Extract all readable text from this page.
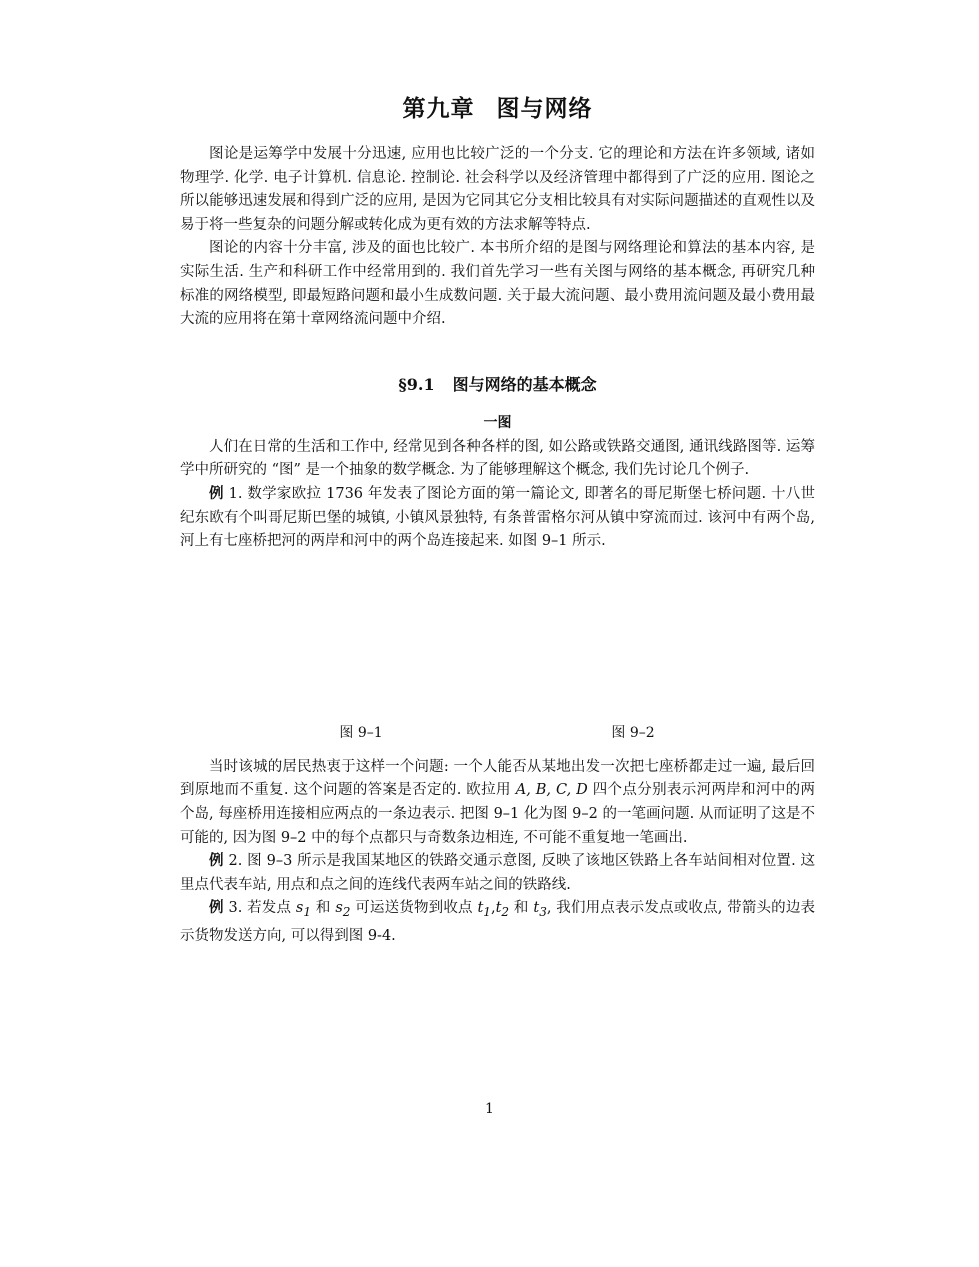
第九章 图与网络

图论是运筹学中发展十分迅速, 应用也比较广泛的一个分支. 它的理论和方法在许多领域, 诸如物理学. 化学. 电子计算机. 信息论. 控制论. 社会科学以及经济管理中都得到了广泛的应用. 图论之所以能够迅速发展和得到广泛的应用, 是因为它同其它分支相比较具有对实际问题描述的直观性以及易于将一些复杂的问题分解或转化成为更有效的方法求解等特点.

图论的内容十分丰富, 涉及的面也比较广. 本书所介绍的是图与网络理论和算法的基本内容, 是实际生活. 生产和科研工作中经常用到的. 我们首先学习一些有关图与网络的基本概念, 再研究几种标准的网络模型, 即最短路问题和最小生成数问题. 关于最大流问题、最小费用流问题及最小费用最大流的应用将在第十章网络流问题中介绍.

§9.1 图与网络的基本概念
一图

人们在日常的生活和工作中, 经常见到各种各样的图, 如公路或铁路交通图, 通讯线路图等. 运筹学中所研究的 “图” 是一个抽象的数学概念. 为了能够理解这个概念, 我们先讨论几个例子.

例 1. 数学家欧拉 1736 年发表了图论方面的第一篇论文, 即著名的哥尼斯堡七桥问题. 十八世纪东欧有个叫哥尼斯巴堡的城镇, 小镇风景独特, 有条普雷格尔河从镇中穿流而过. 该河中有两个岛, 河上有七座桥把河的两岸和河中的两个岛连接起来. 如图 9–1 所示.

图 9–1	图 9–2

当时该城的居民热衷于这样一个问题: 一个人能否从某地出发一次把七座桥都走过一遍, 最后回到原地而不重复. 这个问题的答案是否定的. 欧拉用 A, B, C, D 四个点分别表示河两岸和河中的两个岛, 每座桥用连接相应两点的一条边表示. 把图 9–1 化为图 9–2 的一笔画问题. 从而证明了这是不可能的, 因为图 9–2 中的每个点都只与奇数条边相连, 不可能不重复地一笔画出.

例 2. 图 9–3 所示是我国某地区的铁路交通示意图, 反映了该地区铁路上各车站间相对位置. 这里点代表车站, 用点和点之间的连线代表两车站之间的铁路线.

例 3. 若发点 $s_1$ 和 $s_2$ 可运送货物到收点 $t_1,t_2$ 和 $t_3$, 我们用点表示发点或收点, 带箭头的边表示货物发送方向, 可以得到图 9-4.

1
